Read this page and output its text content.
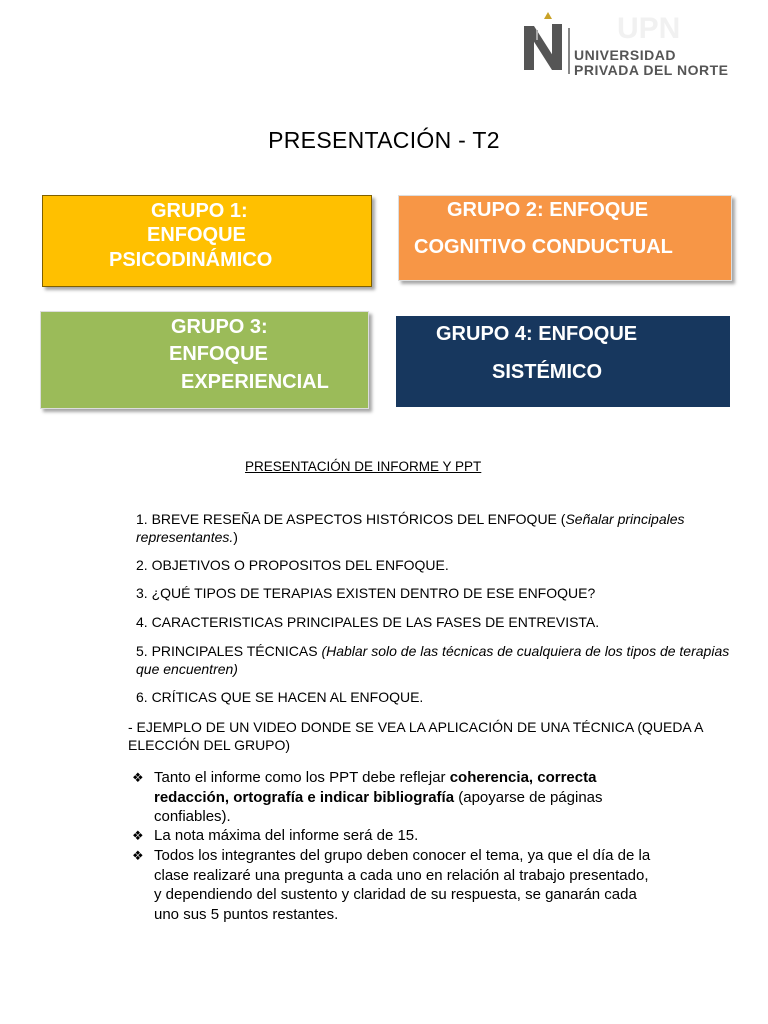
UPN
UNIVERSIDAD
PRIVADA DEL NORTE
PRESENTACIÓN - T2
GRUPO 1:
ENFOQUE
PSICODINÁMICO
GRUPO 2: ENFOQUE
COGNITIVO CONDUCTUAL
GRUPO 3:
ENFOQUE
EXPERIENCIAL
GRUPO 4: ENFOQUE
SISTÉMICO
PRESENTACIÓN DE INFORME Y PPT
1. BREVE RESEÑA DE ASPECTOS HISTÓRICOS DEL ENFOQUE (Señalar principales representantes.)
2. OBJETIVOS O PROPOSITOS DEL ENFOQUE.
3. ¿QUÉ TIPOS DE TERAPIAS EXISTEN DENTRO DE ESE ENFOQUE?
4. CARACTERISTICAS PRINCIPALES DE LAS FASES DE ENTREVISTA.
5. PRINCIPALES TÉCNICAS (Hablar solo de las técnicas de cualquiera de los tipos de terapias que encuentren)
6. CRÍTICAS QUE SE HACEN AL ENFOQUE.
- EJEMPLO DE UN VIDEO DONDE SE VEA LA APLICACIÓN DE UNA TÉCNICA (QUEDA A ELECCIÓN DEL GRUPO)
❖ Tanto el informe como los PPT debe reflejar coherencia, correcta redacción, ortografía e indicar bibliografía (apoyarse de páginas confiables).
❖ La nota máxima del informe será de 15.
❖ Todos los integrantes del grupo deben conocer el tema, ya que el día de la clase realizaré una pregunta a cada uno en relación al trabajo presentado, y dependiendo del sustento y claridad de su respuesta, se ganarán cada uno sus 5 puntos restantes.
